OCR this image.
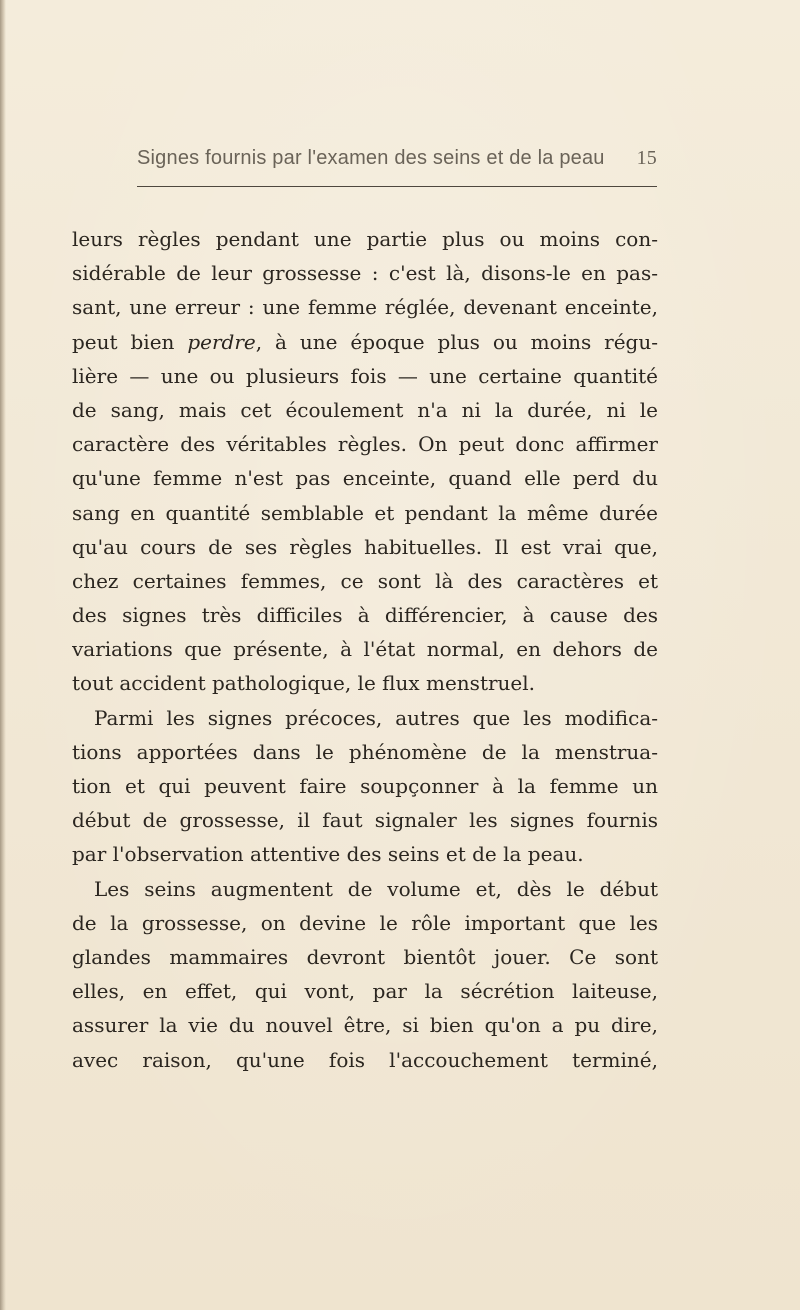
Signes fournis par l'examen des seins et de la peau 15
leurs règles pendant une partie plus ou moins con-
sidérable de leur grossesse : c'est là, disons-le en pas-
sant, une erreur : une femme réglée, devenant enceinte,
peut bien perdre, à une époque plus ou moins régu-
lière — une ou plusieurs fois — une certaine quantité
de sang, mais cet écoulement n'a ni la durée, ni le
caractère des véritables règles. On peut donc affirmer
qu'une femme n'est pas enceinte, quand elle perd du
sang en quantité semblable et pendant la même durée
qu'au cours de ses règles habituelles. Il est vrai que,
chez certaines femmes, ce sont là des caractères et
des signes très difficiles à différencier, à cause des
variations que présente, à l'état normal, en dehors de
tout accident pathologique, le flux menstruel.
Parmi les signes précoces, autres que les modifica-
tions apportées dans le phénomène de la menstrua-
tion et qui peuvent faire soupçonner à la femme un
début de grossesse, il faut signaler les signes fournis
par l'observation attentive des seins et de la peau.
Les seins augmentent de volume et, dès le début
de la grossesse, on devine le rôle important que les
glandes mammaires devront bientôt jouer. Ce sont
elles, en effet, qui vont, par la sécrétion laiteuse,
assurer la vie du nouvel être, si bien qu'on a pu dire,
avec raison, qu'une fois l'accouchement terminé,
